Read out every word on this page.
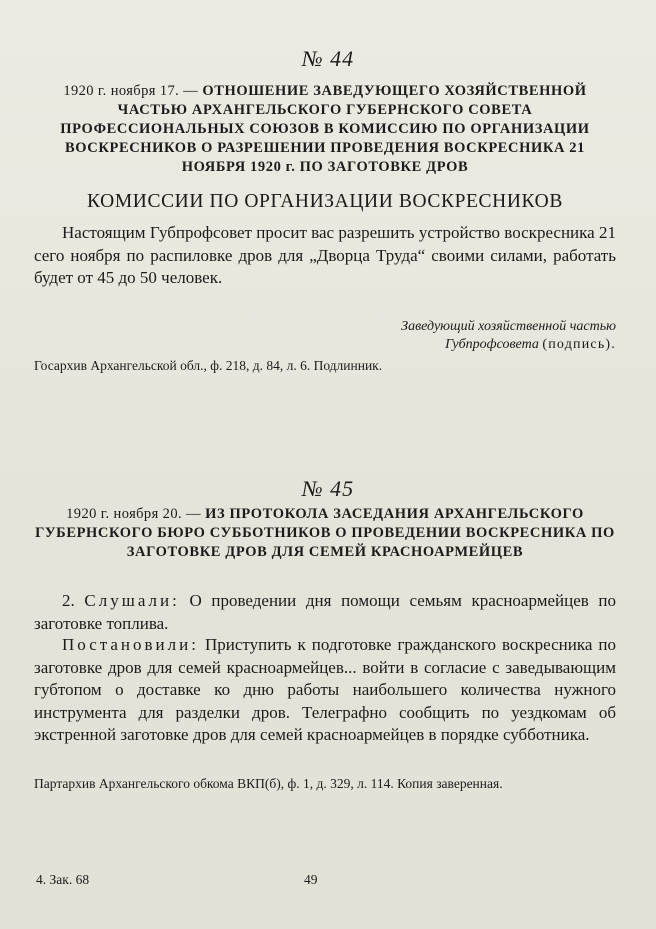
№ 44
1920 г. ноября 17. — ОТНОШЕНИЕ ЗАВЕДУЮЩЕГО ХОЗЯЙСТВЕННОЙ ЧАСТЬЮ АРХАНГЕЛЬСКОГО ГУБЕРНСКОГО СОВЕТА ПРОФЕССИОНАЛЬНЫХ СОЮЗОВ В КОМИССИЮ ПО ОРГАНИЗАЦИИ ВОСКРЕСНИКОВ О РАЗРЕШЕНИИ ПРОВЕДЕНИЯ ВОСКРЕСНИКА 21 НОЯБРЯ 1920 г. ПО ЗАГОТОВКЕ ДРОВ
КОМИССИИ ПО ОРГАНИЗАЦИИ ВОСКРЕСНИКОВ

Настоящим Губпрофсовет просит вас разрешить устройство воскресника 21 сего ноября по распиловке дров для „Дворца Труда“ своими силами, работать будет от 45 до 50 человек.

Заведующий хозяйственной частью
Губпрофсовета (подпись).
Госархив Архангельской обл., ф. 218, д. 84, л. 6. Подлинник.
№ 45
1920 г. ноября 20. — ИЗ ПРОТОКОЛА ЗАСЕДАНИЯ АРХАНГЕЛЬСКОГО ГУБЕРНСКОГО БЮРО СУББОТНИКОВ О ПРОВЕДЕНИИ ВОСКРЕСНИКА ПО ЗАГОТОВКЕ ДРОВ ДЛЯ СЕМЕЙ КРАСНОАРМЕЙЦЕВ

2. Слушали: О проведении дня помощи семьям красноармейцев по заготовке топлива.

Постановили: Приступить к подготовке гражданского воскресника по заготовке дров для семей красноармейцев... войти в согласие с заведывающим губтопом о доставке ко дню работы наибольшего количества нужного инструмента для разделки дров. Телеграфно сообщить по уездкомам об экстренной заготовке дров для семей красноармейцев в порядке субботника.

Партархив Архангельского обкома ВКП(б), ф. 1, д. 329, л. 114. Копия заверенная.
4. Зак. 68	49
